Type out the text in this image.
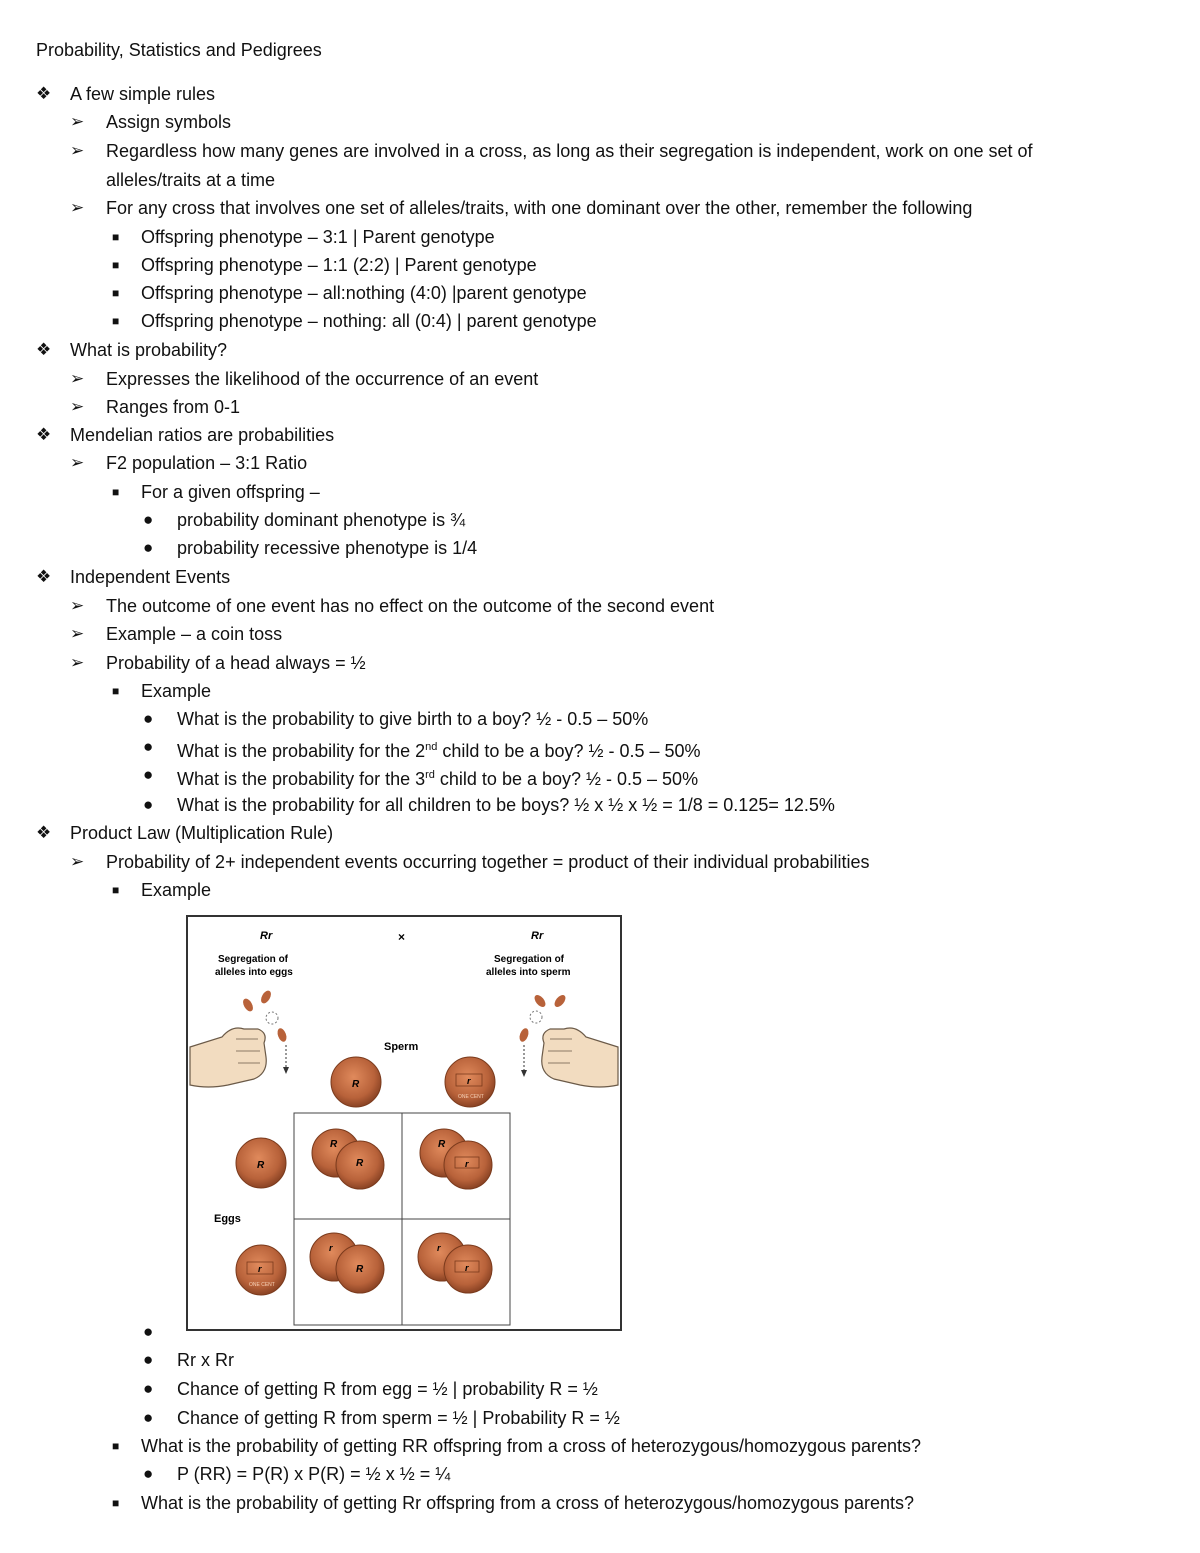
Probability, Statistics and Pedigrees
❖ A few simple rules
➢ Assign symbols
➢ Regardless how many genes are involved in a cross, as long as their segregation is independent, work on one set of
alleles/traits at a time
➢ For any cross that involves one set of alleles/traits, with one dominant over the other, remember the following
■ Offspring phenotype – 3:1 | Parent genotype
■ Offspring phenotype – 1:1 (2:2) | Parent genotype
■ Offspring phenotype – all:nothing (4:0) |parent genotype
■ Offspring phenotype – nothing: all (0:4) | parent genotype
❖ What is probability?
➢ Expresses the likelihood of the occurrence of an event
➢ Ranges from 0-1
❖ Mendelian ratios are probabilities
➢ F2 population – 3:1 Ratio
■ For a given offspring –
● probability dominant phenotype is ¾
● probability recessive phenotype is 1/4
❖ Independent Events
➢ The outcome of one event has no effect on the outcome of the second event
➢ Example – a coin toss
➢ Probability of a head always = ½
■ Example
● What is the probability to give birth to a boy? ½ - 0.5 – 50%
● What is the probability for the 2nd child to be a boy? ½ - 0.5 – 50%
● What is the probability for the 3rd child to be a boy? ½ - 0.5 – 50%
● What is the probability for all children to be boys? ½ x ½ x ½ = 1/8 = 0.125= 12.5%
❖ Product Law (Multiplication Rule)
➢ Probability of 2+ independent events occurring together = product of their individual probabilities
■ Example
Rr	×	Rr
Segregation of
alleles into eggs
Segregation of
alleles into sperm
Sperm
Eggs
R	r
ONE CENT
R
r
ONE CENT
R
R
R
r
r
R
r
r
●
● Rr x Rr
● Chance of getting R from egg = ½ | probability R = ½
● Chance of getting R from sperm = ½ | Probability R = ½
■ What is the probability of getting RR offspring from a cross of heterozygous/homozygous parents?
● P (RR) = P(R) x P(R) = ½ x ½ = ¼
■ What is the probability of getting Rr offspring from a cross of heterozygous/homozygous parents?
